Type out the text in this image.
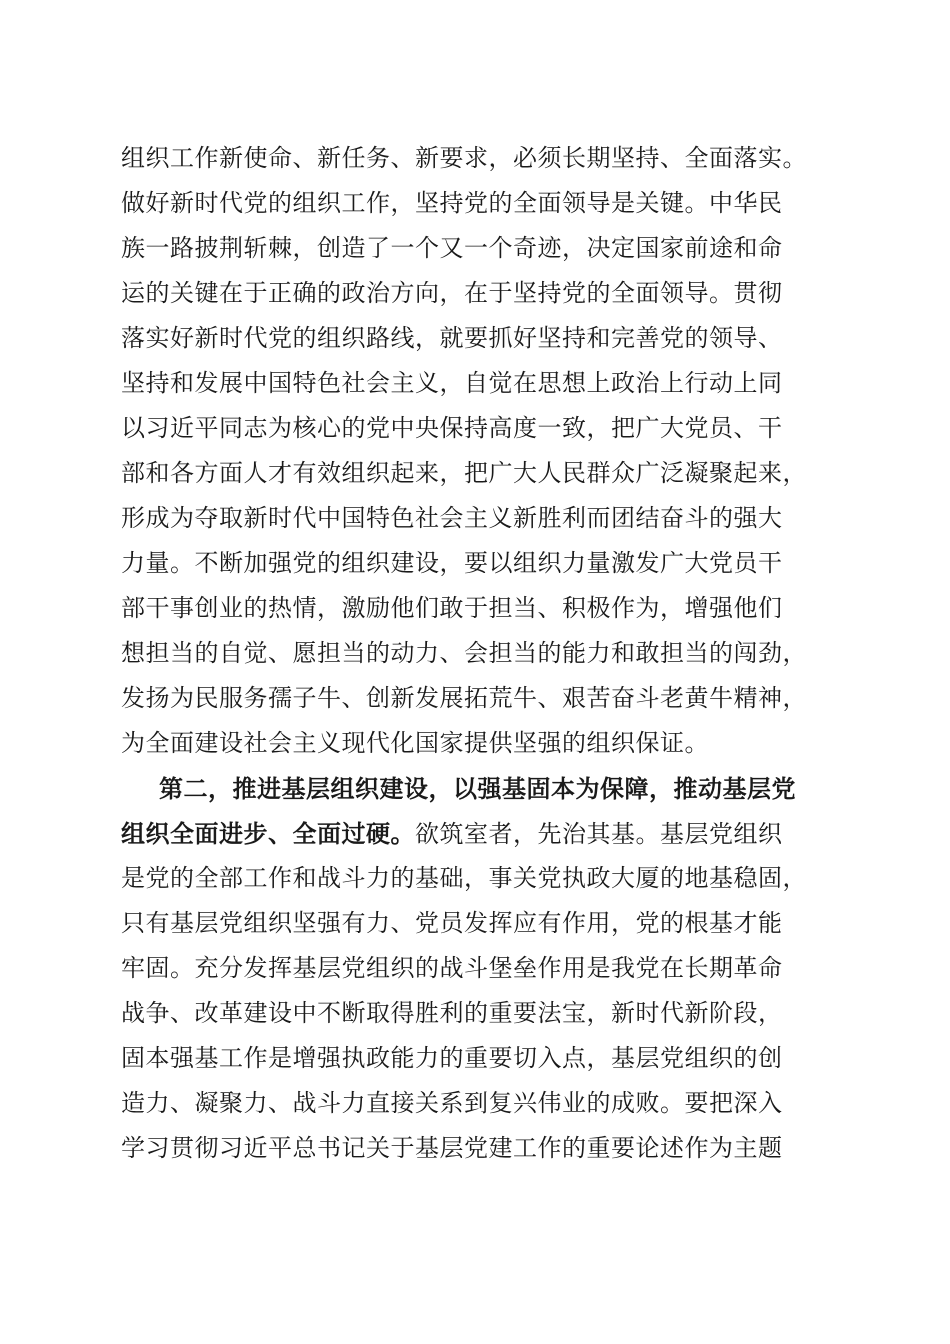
组织工作新使命、新任务、新要求，必须长期坚持、全面落实。
做好新时代党的组织工作，坚持党的全面领导是关键。中华民
族一路披荆斩棘，创造了一个又一个奇迹，决定国家前途和命
运的关键在于正确的政治方向，在于坚持党的全面领导。贯彻
落实好新时代党的组织路线，就要抓好坚持和完善党的领导、
坚持和发展中国特色社会主义，自觉在思想上政治上行动上同
以习近平同志为核心的党中央保持高度一致，把广大党员、干
部和各方面人才有效组织起来，把广大人民群众广泛凝聚起来，
形成为夺取新时代中国特色社会主义新胜利而团结奋斗的强大
力量。不断加强党的组织建设，要以组织力量激发广大党员干
部干事创业的热情，激励他们敢于担当、积极作为，增强他们
想担当的自觉、愿担当的动力、会担当的能力和敢担当的闯劲，
发扬为民服务孺子牛、创新发展拓荒牛、艰苦奋斗老黄牛精神，
为全面建设社会主义现代化国家提供坚强的组织保证。
第二，推进基层组织建设，以强基固本为保障，推动基层党
组织全面进步、全面过硬。欲筑室者，先治其基。基层党组织
是党的全部工作和战斗力的基础，事关党执政大厦的地基稳固，
只有基层党组织坚强有力、党员发挥应有作用，党的根基才能
牢固。充分发挥基层党组织的战斗堡垒作用是我党在长期革命
战争、改革建设中不断取得胜利的重要法宝，新时代新阶段，
固本强基工作是增强执政能力的重要切入点，基层党组织的创
造力、凝聚力、战斗力直接关系到复兴伟业的成败。要把深入
学习贯彻习近平总书记关于基层党建工作的重要论述作为主题
